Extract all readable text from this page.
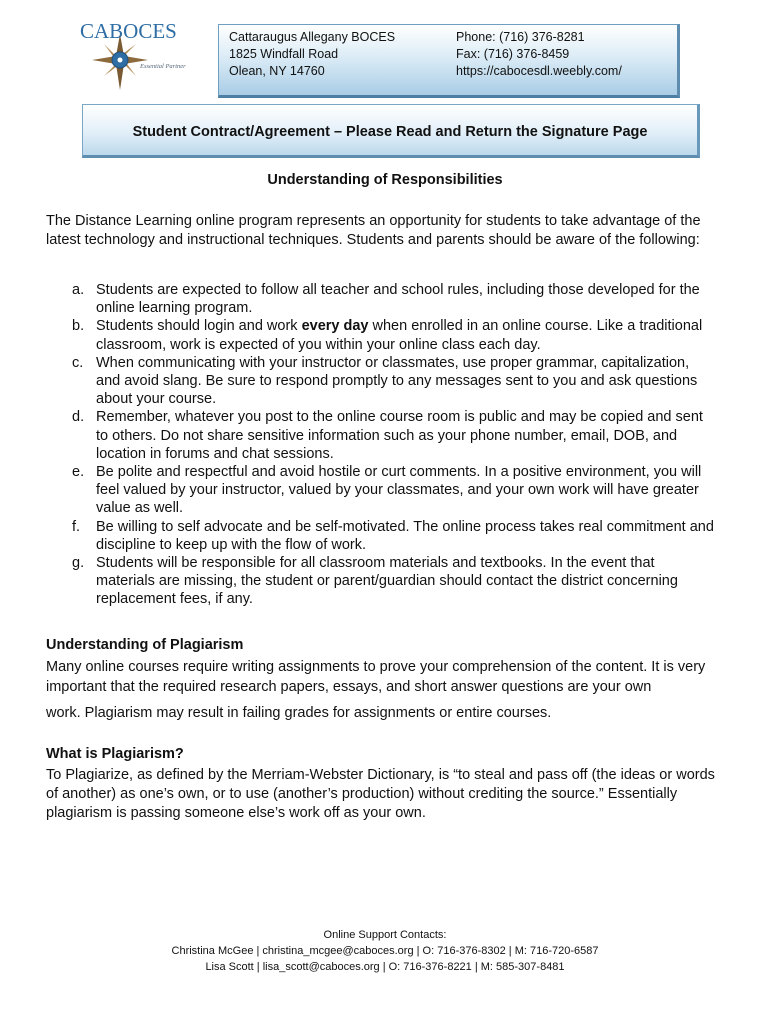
CABOCES
Essential Partner
Cattaraugus Allegany BOCES
1825 Windfall Road
Olean, NY 14760
Phone: (716) 376-8281
Fax: (716) 376-8459
https://cabocesdl.weebly.com/
Student Contract/Agreement – Please Read and Return the Signature Page
Understanding of Responsibilities
The Distance Learning online program represents an opportunity for students to take advantage of the latest technology and instructional techniques. Students and parents should be aware of the following:
a. Students are expected to follow all teacher and school rules, including those developed for the online learning program.
b. Students should login and work every day when enrolled in an online course. Like a traditional classroom, work is expected of you within your online class each day.
c. When communicating with your instructor or classmates, use proper grammar, capitalization, and avoid slang. Be sure to respond promptly to any messages sent to you and ask questions about your course.
d. Remember, whatever you post to the online course room is public and may be copied and sent to others. Do not share sensitive information such as your phone number, email, DOB, and location in forums and chat sessions.
e. Be polite and respectful and avoid hostile or curt comments. In a positive environment, you will feel valued by your instructor, valued by your classmates, and your own work will have greater value as well.
f. Be willing to self advocate and be self-motivated. The online process takes real commitment and discipline to keep up with the flow of work.
g. Students will be responsible for all classroom materials and textbooks. In the event that materials are missing, the student or parent/guardian should contact the district concerning replacement fees, if any.
Understanding of Plagiarism
Many online courses require writing assignments to prove your comprehension of the content. It is very important that the required research papers, essays, and short answer questions are your own
work. Plagiarism may result in failing grades for assignments or entire courses.
What is Plagiarism?
To Plagiarize, as defined by the Merriam-Webster Dictionary, is “to steal and pass off (the ideas or words of another) as one’s own, or to use (another’s production) without crediting the source.” Essentially plagiarism is passing someone else’s work off as your own.
Online Support Contacts:
Christina McGee | christina_mcgee@caboces.org | O: 716-376-8302 | M: 716-720-6587
Lisa Scott | lisa_scott@caboces.org | O: 716-376-8221 | M: 585-307-8481
